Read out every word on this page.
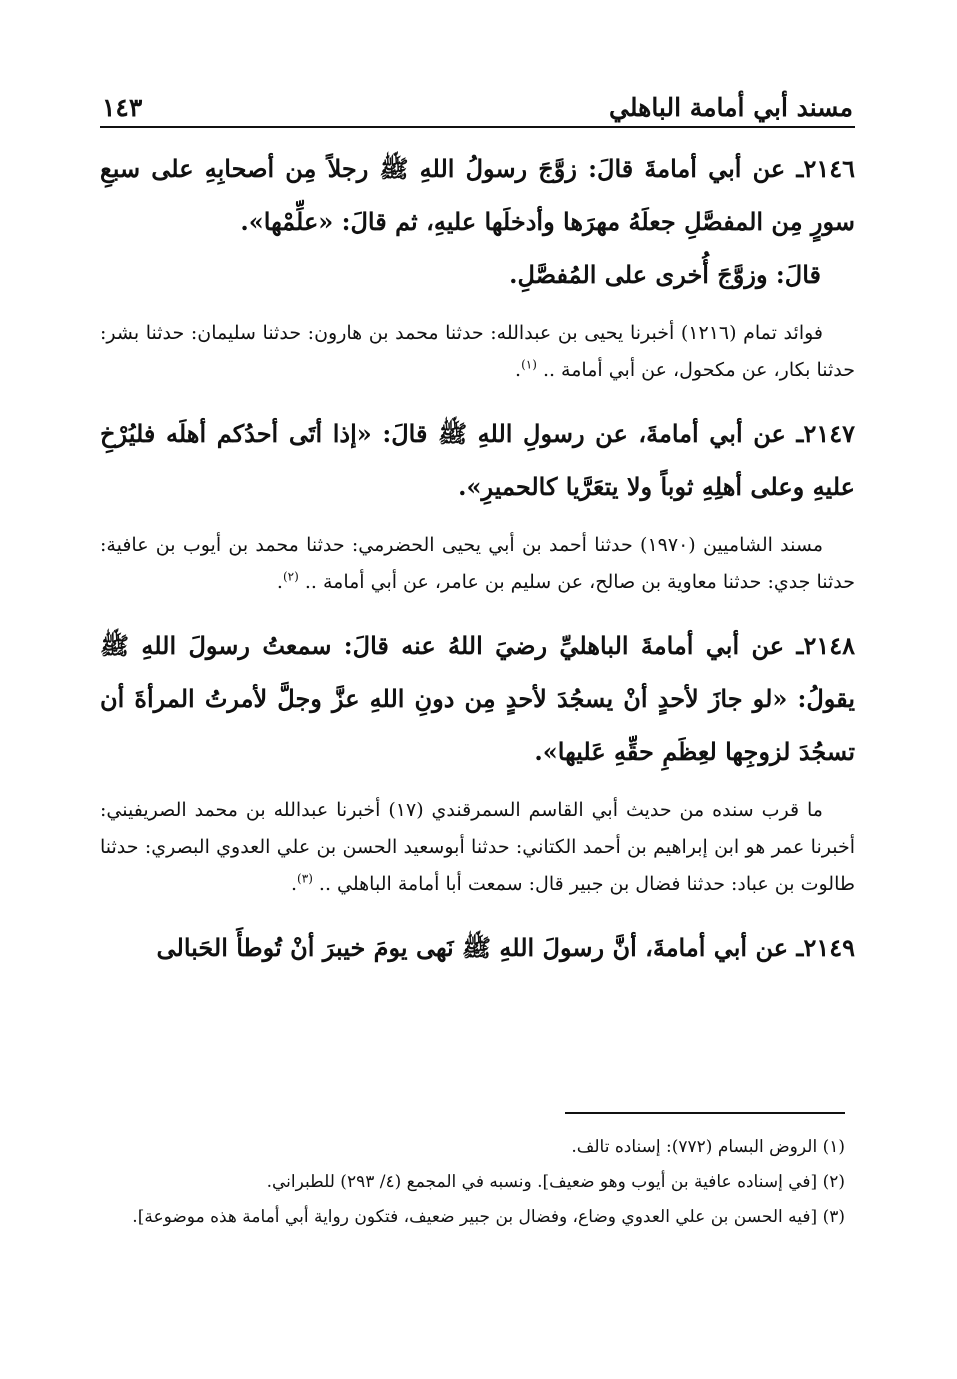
مسند أبي أمامة الباهلي
١٤٣

٢١٤٦ـ عن أبي أمامةَ قالَ: زوَّجَ رسولُ اللهِ ﷺ رجلاً مِن أصحابِهِ على سبعِ سورٍ مِن المفصَّلِ جعلَهُ مهرَها وأدخلَها عليهِ، ثم قالَ: «علِّمْها».
قالَ: وزوَّجَ أُخرى على المُفصَّلِ.

فوائد تمام (١٢١٦) أخبرنا يحيى بن عبدالله: حدثنا محمد بن هارون: حدثنا سليمان: حدثنا بشر: حدثنا بكار، عن مكحول، عن أبي أمامة .. $^{(١)}$.

٢١٤٧ـ عن أبي أمامةَ، عن رسولِ اللهِ ﷺ قالَ: «إذا أتَى أحدُكم أهلَه فليُرْخِ عليهِ وعلى أهلِهِ ثوباً ولا يتعَرَّيا كالحميرِ».

مسند الشاميين (١٩٧٠) حدثنا أحمد بن أبي يحيى الحضرمي: حدثنا محمد بن أيوب بن عافية: حدثنا جدي: حدثنا معاوية بن صالح، عن سليم بن عامر، عن أبي أمامة .. $^{(٢)}$.

٢١٤٨ـ عن أبي أمامةَ الباهليِّ رضيَ اللهُ عنه قالَ: سمعتُ رسولَ اللهِ ﷺ يقولُ: «لو جازَ لأحدٍ أنْ يسجُدَ لأحدٍ مِن دونِ اللهِ عزَّ وجلَّ لأمرتُ المرأةَ أن تسجُدَ لزوجِها لعِظَمِ حقِّهِ عَليها».

ما قرب سنده من حديث أبي القاسم السمرقندي (١٧) أخبرنا عبدالله بن محمد الصريفيني: أخبرنا عمر هو ابن إبراهيم بن أحمد الكتاني: حدثنا أبوسعيد الحسن بن علي العدوي البصري: حدثنا طالوت بن عباد: حدثنا فضال بن جبير قال: سمعت أبا أمامة الباهلي .. $^{(٣)}$.

٢١٤٩ـ عن أبي أمامةَ، أنَّ رسولَ اللهِ ﷺ نَهى يومَ خيبرَ أنْ تُوطأَ الحَبالى

(١) الروض البسام (٧٧٢): إسناده تالف.

(٢) [في إسناده عافية بن أيوب وهو ضعيف]. ونسبه في المجمع (٤/ ٢٩٣) للطبراني.

(٣) [فيه الحسن بن علي العدوي وضاع، وفضال بن جبير ضعيف، فتكون رواية أبي أمامة هذه موضوعة].
